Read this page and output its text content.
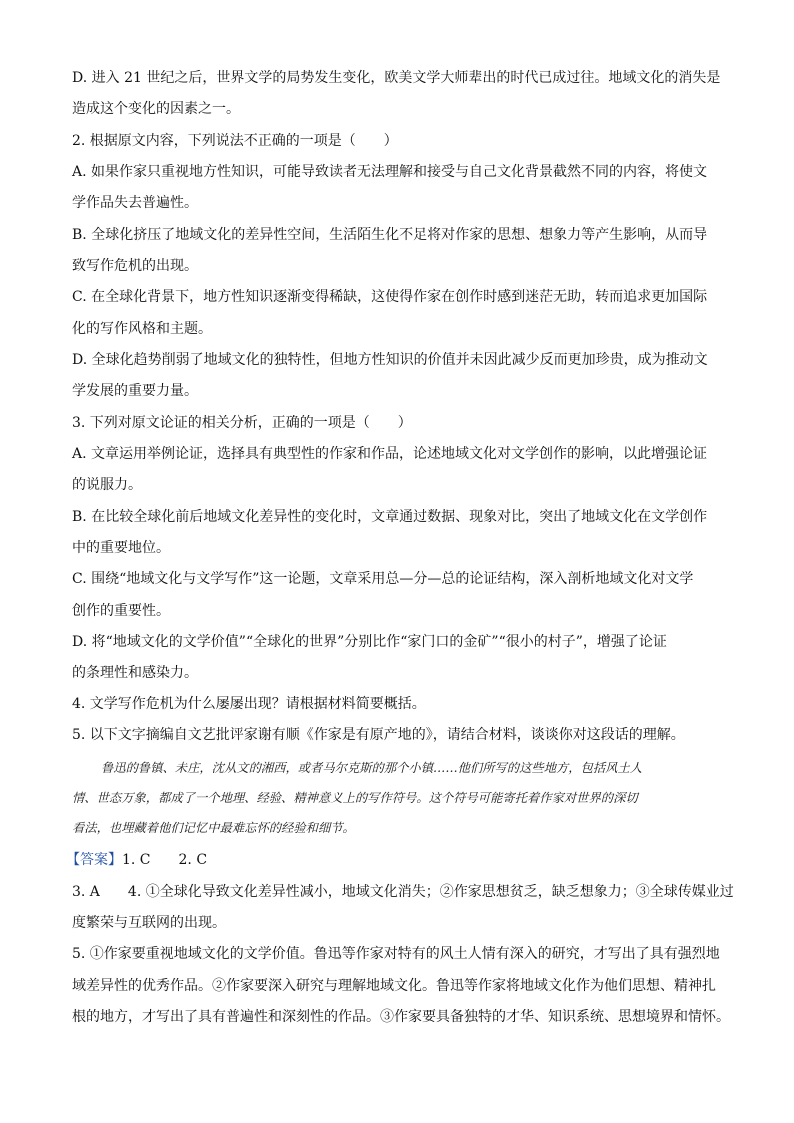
D. 进入 21 世纪之后，世界文学的局势发生变化，欧美文学大师辈出的时代已成过往。地域文化的消失是
造成这个变化的因素之一。
2. 根据原文内容，下列说法不正确的一项是（　　）
A. 如果作家只重视地方性知识，可能导致读者无法理解和接受与自己文化背景截然不同的内容，将使文
学作品失去普遍性。
B. 全球化挤压了地域文化的差异性空间，生活陌生化不足将对作家的思想、想象力等产生影响，从而导
致写作危机的出现。
C. 在全球化背景下，地方性知识逐渐变得稀缺，这使得作家在创作时感到迷茫无助，转而追求更加国际
化的写作风格和主题。
D. 全球化趋势削弱了地域文化的独特性，但地方性知识的价值并未因此减少反而更加珍贵，成为推动文
学发展的重要力量。
3. 下列对原文论证的相关分析，正确的一项是（　　）
A. 文章运用举例论证，选择具有典型性的作家和作品，论述地域文化对文学创作的影响，以此增强论证
的说服力。
B. 在比较全球化前后地域文化差异性的变化时，文章通过数据、现象对比，突出了地域文化在文学创作
中的重要地位。
C. 围绕“地域文化与文学写作”这一论题，文章采用总—分—总的论证结构，深入剖析地域文化对文学
创作的重要性。
D. 将“地域文化的文学价值”“全球化的世界”分别比作“家门口的金矿”“很小的村子”，增强了论证
的条理性和感染力。
4. 文学写作危机为什么屡屡出现？请根据材料简要概括。
5. 以下文字摘编自文艺批评家谢有顺《作家是有原产地的》，请结合材料，谈谈你对这段话的理解。
鲁迅的鲁镇、未庄，沈从文的湘西，或者马尔克斯的那个小镇……他们所写的这些地方，包括风土人
情、世态万象，都成了一个地理、经验、精神意义上的写作符号。这个符号可能寄托着作家对世界的深切
看法，也埋藏着他们记忆中最难忘怀的经验和细节。
【答案】1. C　　2. C
3. A　　4. ①全球化导致文化差异性减小，地域文化消失；②作家思想贫乏，缺乏想象力；③全球传媒业过
度繁荣与互联网的出现。
5. ①作家要重视地域文化的文学价值。鲁迅等作家对特有的风土人情有深入的研究，才写出了具有强烈地
域差异性的优秀作品。②作家要深入研究与理解地域文化。鲁迅等作家将地域文化作为他们思想、精神扎
根的地方，才写出了具有普遍性和深刻性的作品。③作家要具备独特的才华、知识系统、思想境界和情怀。
